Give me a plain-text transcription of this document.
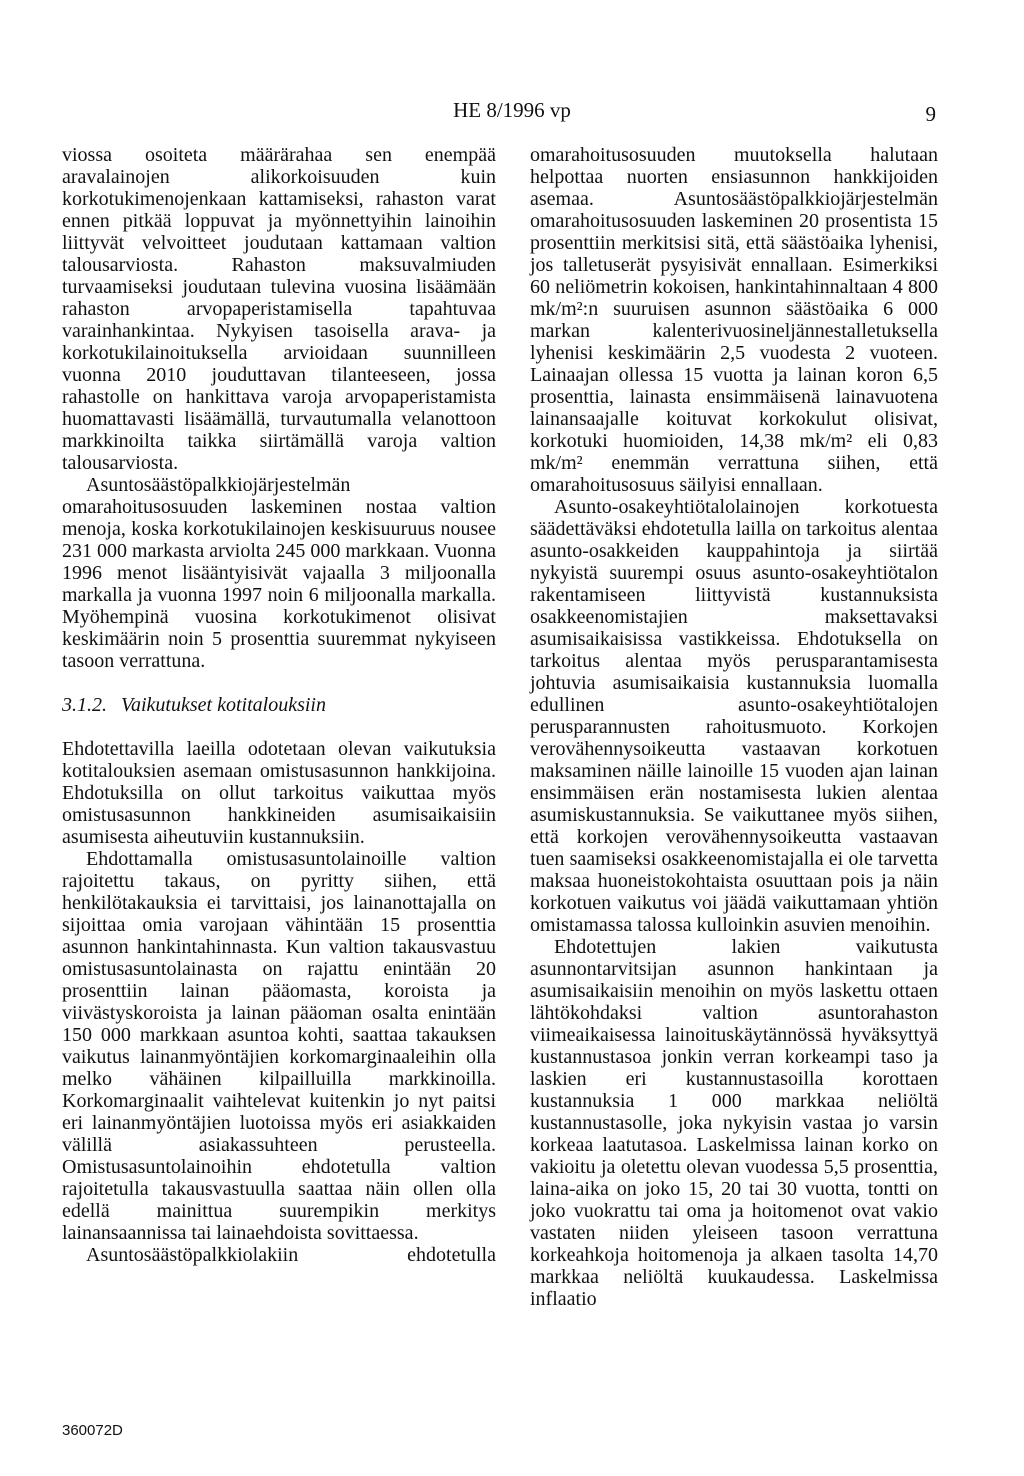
HE 8/1996 vp	9

viossa osoiteta määrärahaa sen enempää aravalainojen alikorkoisuuden kuin korkotukimenojenkaan kattamiseksi, rahaston varat ennen pitkää loppuvat ja myönnettyihin lainoihin liittyvät velvoitteet joudutaan kattamaan valtion talousarviosta. Rahaston maksuvalmiuden turvaamiseksi joudutaan tulevina vuosina lisäämään rahaston arvopaperistamisella tapahtuvaa varainhankintaa. Nykyisen tasoisella arava- ja korkotukilainoituksella arvioidaan suunnilleen vuonna 2010 jouduttavan tilanteeseen, jossa rahastolle on hankittava varoja arvopaperistamista huomattavasti lisäämällä, turvautumalla velanottoon markkinoilta taikka siirtämällä varoja valtion talousarviosta.

Asuntosäästöpalkkiojärjestelmän omarahoitusosuuden laskeminen nostaa valtion menoja, koska korkotukilainojen keskisuuruus nousee 231 000 markasta arviolta 245 000 markkaan. Vuonna 1996 menot lisääntyisivät vajaalla 3 miljoonalla markalla ja vuonna 1997 noin 6 miljoonalla markalla. Myöhempinä vuosina korkotukimenot olisivat keskimäärin noin 5 prosenttia suuremmat nykyiseen tasoon verrattuna.

3.1.2. Vaikutukset kotitalouksiin

Ehdotettavilla laeilla odotetaan olevan vaikutuksia kotitalouksien asemaan omistusasunnon hankkijoina. Ehdotuksilla on ollut tarkoitus vaikuttaa myös omistusasunnon hankkineiden asumisaikaisiin asumisesta aiheutuviin kustannuksiin.

Ehdottamalla omistusasuntolainoille valtion rajoitettu takaus, on pyritty siihen, että henkilötakauksia ei tarvittaisi, jos lainanottajalla on sijoittaa omia varojaan vähintään 15 prosenttia asunnon hankintahinnasta. Kun valtion takausvastuu omistusasuntolainasta on rajattu enintään 20 prosenttiin lainan pääomasta, koroista ja viivästyskoroista ja lainan pääoman osalta enintään 150 000 markkaan asuntoa kohti, saattaa takauksen vaikutus lainanmyöntäjien korkomarginaaleihin olla melko vähäinen kilpailluilla markkinoilla. Korkomarginaalit vaihtelevat kuitenkin jo nyt paitsi eri lainanmyöntäjien luotoissa myös eri asiakkaiden välillä asiakassuhteen perusteella. Omistusasuntolainoihin ehdotetulla valtion rajoitetulla takausvastuulla saattaa näin ollen olla edellä mainittua suurempikin merkitys lainansaannissa tai lainaehdoista sovittaessa.

Asuntosäästöpalkkiolakiin ehdotetulla

omarahoitusosuuden muutoksella halutaan helpottaa nuorten ensiasunnon hankkijoiden asemaa. Asuntosäästöpalkkiojärjestelmän omarahoitusosuuden laskeminen 20 prosentista 15 prosenttiin merkitsisi sitä, että säästöaika lyhenisi, jos talletuserät pysyisivät ennallaan. Esimerkiksi 60 neliömetrin kokoisen, hankintahinnaltaan 4 800 mk/m²:n suuruisen asunnon säästöaika 6 000 markan kalenterivuosineljännestalletuksella lyhenisi keskimäärin 2,5 vuodesta 2 vuoteen. Lainaajan ollessa 15 vuotta ja lainan koron 6,5 prosenttia, lainasta ensimmäisenä lainavuotena lainansaajalle koituvat korkokulut olisivat, korkotuki huomioiden, 14,38 mk/m² eli 0,83 mk/m² enemmän verrattuna siihen, että omarahoitusosuus säilyisi ennallaan.

Asunto-osakeyhtiötalolainojen korkotuesta säädettäväksi ehdotetulla lailla on tarkoitus alentaa asunto-osakkeiden kauppahintoja ja siirtää nykyistä suurempi osuus asunto-osakeyhtiötalon rakentamiseen liittyvistä kustannuksista osakkeenomistajien maksettavaksi asumisaikaisissa vastikkeissa. Ehdotuksella on tarkoitus alentaa myös perusparantamisesta johtuvia asumisaikaisia kustannuksia luomalla edullinen asunto-osakeyhtiötalojen perusparannusten rahoitusmuoto. Korkojen verovähennysoikeutta vastaavan korkotuen maksaminen näille lainoille 15 vuoden ajan lainan ensimmäisen erän nostamisesta lukien alentaa asumiskustannuksia. Se vaikuttanee myös siihen, että korkojen verovähennysoikeutta vastaavan tuen saamiseksi osakkeenomistajalla ei ole tarvetta maksaa huoneistokohtaista osuuttaan pois ja näin korkotuen vaikutus voi jäädä vaikuttamaan yhtiön omistamassa talossa kulloinkin asuvien menoihin.

Ehdotettujen lakien vaikutusta asunnontarvitsijan asunnon hankintaan ja asumisaikaisiin menoihin on myös laskettu ottaen lähtökohdaksi valtion asuntorahaston viimeaikaisessa lainoituskäytännössä hyväksyttyä kustannustasoa jonkin verran korkeampi taso ja laskien eri kustannustasoilla korottaen kustannuksia 1 000 markkaa neliöltä kustannustasolle, joka nykyisin vastaa jo varsin korkeaa laatutasoa. Laskelmissa lainan korko on vakioitu ja oletettu olevan vuodessa 5,5 prosenttia, laina-aika on joko 15, 20 tai 30 vuotta, tontti on joko vuokrattu tai oma ja hoitomenot ovat vakio vastaten niiden yleiseen tasoon verrattuna korkeahkoja hoitomenoja ja alkaen tasolta 14,70 markkaa neliöltä kuukaudessa. Laskelmissa inflaatio

360072D
